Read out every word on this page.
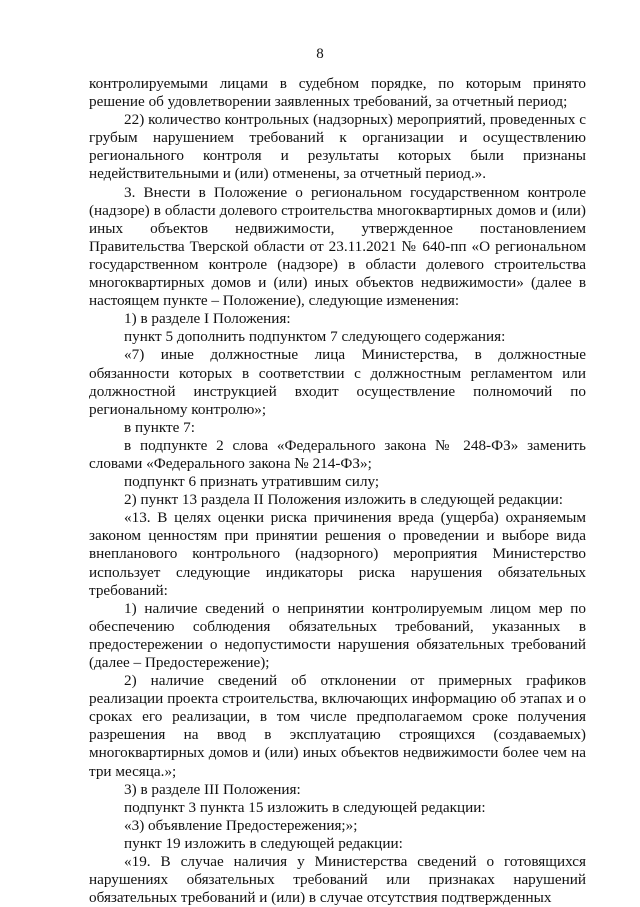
8

контролируемыми лицами в судебном порядке, по которым принято решение об удовлетворении заявленных требований, за отчетный период;

22) количество контрольных (надзорных) мероприятий, проведенных с грубым нарушением требований к организации и осуществлению регионального контроля и результаты которых были признаны недействительными и (или) отменены, за отчетный период.».

3. Внести в Положение о региональном государственном контроле (надзоре) в области долевого строительства многоквартирных домов и (или) иных объектов недвижимости, утвержденное постановлением Правительства Тверской области от 23.11.2021 № 640-пп «О региональном государственном контроле (надзоре) в области долевого строительства многоквартирных домов и (или) иных объектов недвижимости» (далее в настоящем пункте – Положение), следующие изменения:

1) в разделе I Положения:

пункт 5 дополнить подпунктом 7 следующего содержания:

«7) иные должностные лица Министерства, в должностные обязанности которых в соответствии с должностным регламентом или должностной инструкцией входит осуществление полномочий по региональному контролю»;

в пункте 7:

в подпункте 2 слова «Федерального закона № 248-ФЗ» заменить словами «Федерального закона № 214-ФЗ»;

подпункт 6 признать утратившим силу;

2) пункт 13 раздела II Положения изложить в следующей редакции:

«13. В целях оценки риска причинения вреда (ущерба) охраняемым законом ценностям при принятии решения о проведении и выборе вида внепланового контрольного (надзорного) мероприятия Министерство использует следующие индикаторы риска нарушения обязательных требований:

1) наличие сведений о непринятии контролируемым лицом мер по обеспечению соблюдения обязательных требований, указанных в предостережении о недопустимости нарушения обязательных требований (далее – Предостережение);

2) наличие сведений об отклонении от примерных графиков реализации проекта строительства, включающих информацию об этапах и о сроках его реализации, в том числе предполагаемом сроке получения разрешения на ввод в эксплуатацию строящихся (создаваемых) многоквартирных домов и (или) иных объектов недвижимости более чем на три месяца.»;

3) в разделе III Положения:

подпункт 3 пункта 15 изложить в следующей редакции:

«3) объявление Предостережения;»;

пункт 19 изложить в следующей редакции:

«19. В случае наличия у Министерства сведений о готовящихся нарушениях обязательных требований или признаках нарушений обязательных требований и (или) в случае отсутствия подтвержденных
